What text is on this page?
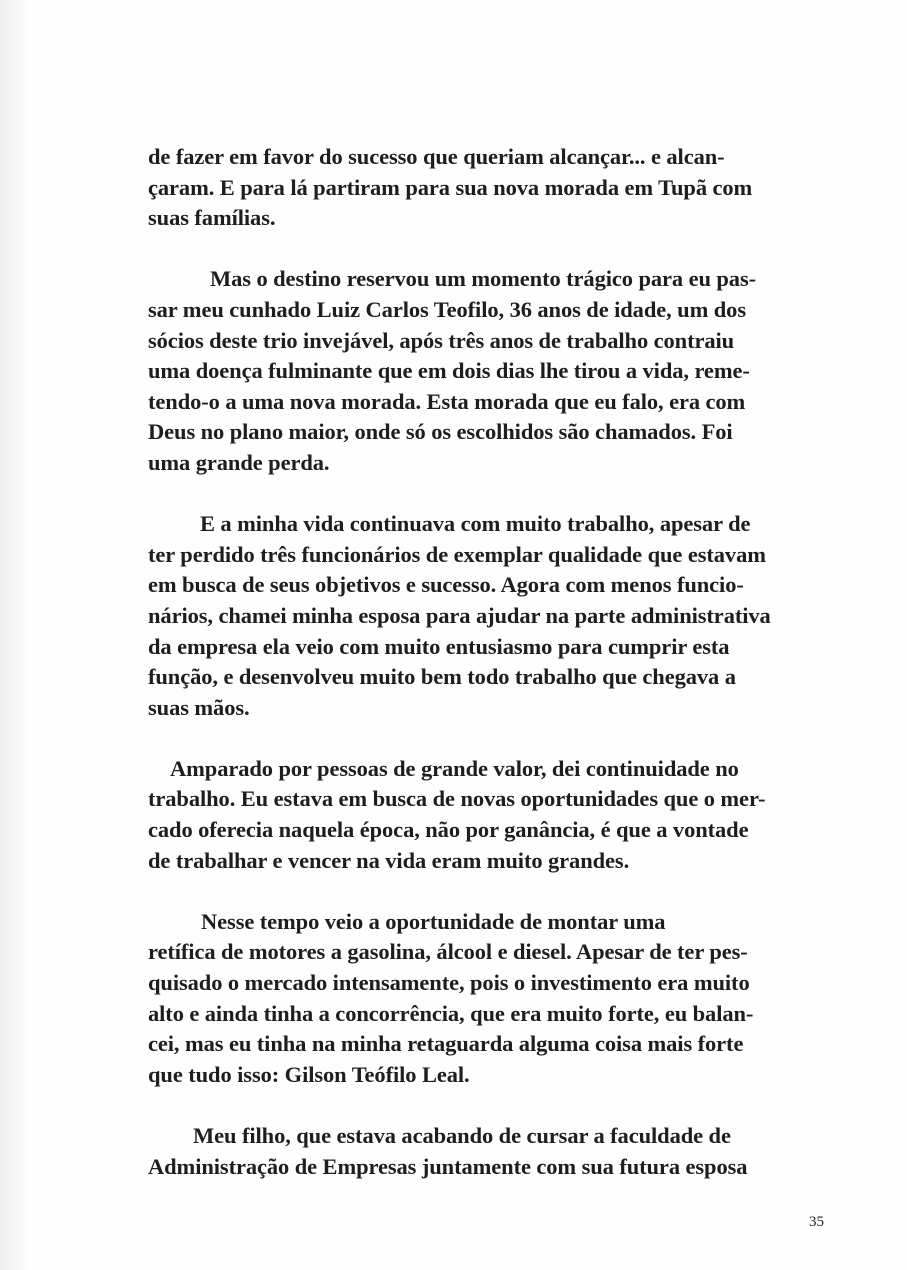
de fazer em favor do sucesso que queriam alcançar... e alcan-
çaram. E para lá partiram para sua nova morada em Tupã com
suas famílias.
Mas o destino reservou um momento trágico para eu pas-
sar meu cunhado Luiz Carlos Teofilo, 36 anos de idade, um dos
sócios deste trio invejável, após três anos de trabalho contraiu
uma doença fulminante que em dois dias lhe tirou a vida, reme-
tendo-o a uma nova morada. Esta morada que eu falo, era com
Deus no plano maior, onde só os escolhidos são chamados. Foi
uma grande perda.
E a minha vida continuava com muito trabalho, apesar de
ter perdido três funcionários de exemplar qualidade que estavam
em busca de seus objetivos e sucesso. Agora com menos funcio-
nários, chamei minha esposa para ajudar na parte administrativa
da empresa ela veio com muito entusiasmo para cumprir esta
função, e desenvolveu muito bem todo trabalho que chegava a
suas mãos.
Amparado por pessoas de grande valor, dei continuidade no
trabalho. Eu estava em busca de novas oportunidades que o mer-
cado oferecia naquela época, não por ganância, é que a vontade
de trabalhar e vencer na vida eram muito grandes.
Nesse tempo veio a oportunidade de montar uma
retífica de motores a gasolina, álcool e diesel. Apesar de ter pes-
quisado o mercado intensamente, pois o investimento era muito
alto e ainda tinha a concorrência, que era muito forte, eu balan-
cei, mas eu tinha na minha retaguarda alguma coisa mais forte
que tudo isso: Gilson Teófilo Leal.
Meu filho, que estava acabando de cursar a faculdade de
Administração de Empresas juntamente com sua futura esposa
35
